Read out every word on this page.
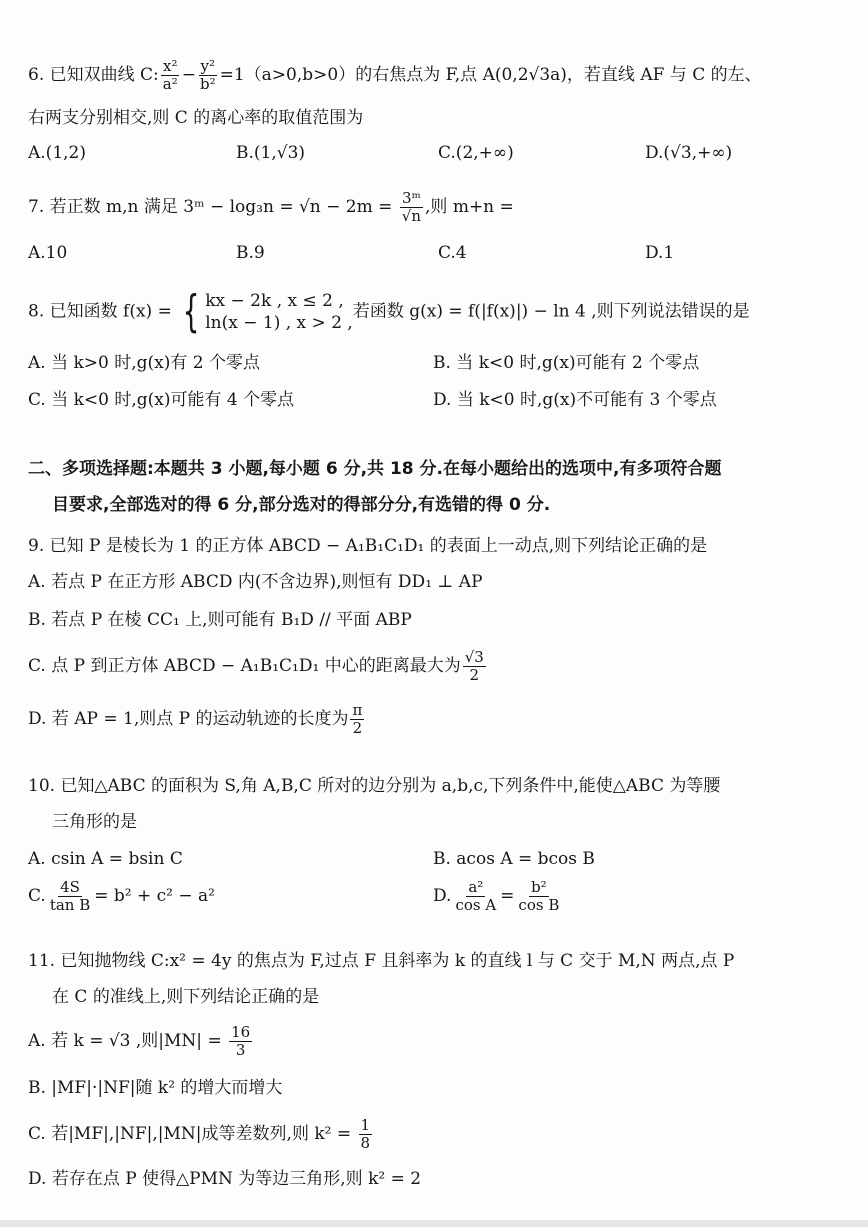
6. 已知双曲线 C: $\frac{\text{x²}}{\text{a²}} - \frac{\text{y²}}{\text{b²}} =1(a>0,b>0)$的右焦点为 F,点 A(0,2√3a)，若直线 AF 与 C 的左、
右两支分别相交,则 C 的离心率的取值范围为
A.(1,2)	B.(1,√3)	C.(2,+∞)	D.(√3,+∞)
7. 若正数 m,n 满足 3ᵐ − $\log_3n = √n - 2m = \frac{\text{3ᵐ}}{√n}$ ,则 m+n =
A.10	B.9	C.4	D.1
8. 已知函数 f(x) = { kx − 2k , x ≤ 2 ,
ln(x − 1) , x > 2 ,
若函数 g(x) = f(|f(x)|) − ln 4 ,则下列说法错误的是
A. 当 k>0 时,g(x)有 2 个零点	B. 当 k<0 时,g(x)可能有 2 个零点
C. 当 k<0 时,g(x)可能有 4 个零点	D. 当 k<0 时,g(x)不可能有 3 个零点
二、多项选择题:本题共 3 小题,每小题 6 分,共 18 分.在每小题给出的选项中,有多项符合题
目要求,全部选对的得 6 分,部分选对的得部分分,有选错的得 0 分.
9. 已知 P 是棱长为 1 的正方体 ABCD − A₁B₁C₁D₁ 的表面上一动点,则下列结论正确的是
A. 若点 P 在正方形 ABCD 内(不含边界),则恒有 DD₁ ⊥ AP
B. 若点 P 在棱 CC₁ 上,则可能有 B₁D // 平面 ABP
C. 点 P 到正方体 ABCD − A₁B₁C₁D₁ 中心的距离最大为 $\frac{√3}{2}$
D. 若 AP = 1,则点 P 的运动轨迹的长度为 $\frac{\pi}{2}$
10. 已知△ABC 的面积为 S,角 A,B,C 所对的边分别为 a,b,c,下列条件中,能使△ABC 为等腰
三角形的是
A. csin A = bsin C	B. acos A = bcos B
C. $\frac{4S}{\text{tan B}} = b^2 + c^2 - a^2$	D. $\frac{\text{a²}}{\text{cos A}} = \frac{\text{b²}}{\text{cos B}}$
11. 已知抛物线 C:x² = 4y 的焦点为 F,过点 F 且斜率为 k 的直线 l 与 C 交于 M,N 两点,点 P
在 C 的准线上,则下列结论正确的是
A. 若 k = √3 ,则$|MN| = \frac{16}{3}$
B. |MF|·|NF|随 k² 的增大而增大
C. 若|MF|,|NF|,|MN|成等差数列,则 $k^2 = \frac{1}{8}$
D. 若存在点 P 使得△PMN 为等边三角形,则 k² = 2
